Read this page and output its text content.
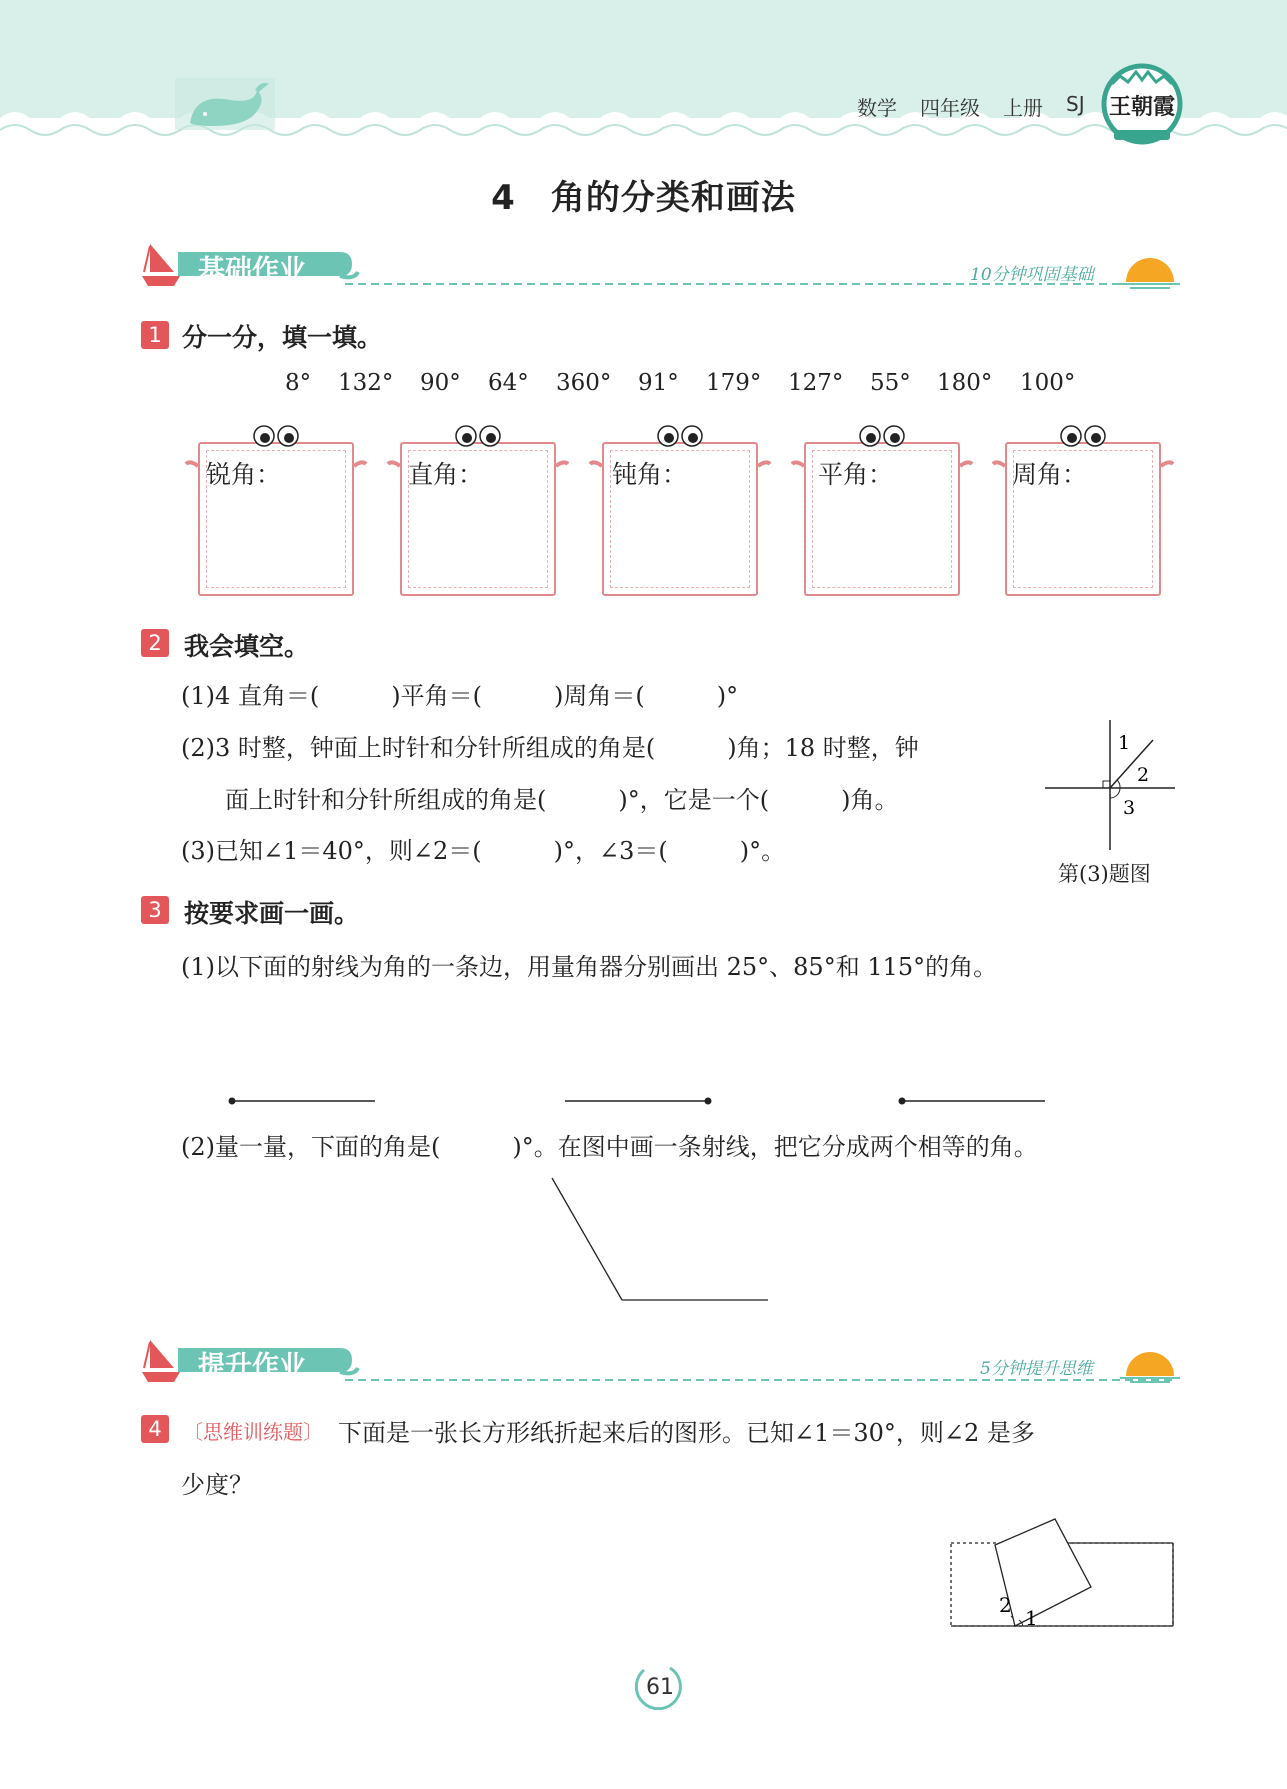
数学 四年级 上册 SJ 王朝霞
4　角的分类和画法
基础作业	10分钟巩固基础
1 分一分，填一填。
8° 132° 90° 64° 360° 91° 179° 127° 55° 180° 100°
锐角：	直角：	钝角：	平角：	周角：
2 我会填空。
(1)4 直角＝(　　　)平角＝(　　　)周角＝(　　　)°
(2)3 时整，钟面上时针和分针所组成的角是(　　　)角；18 时整，钟
面上时针和分针所组成的角是(　　　)°，它是一个(　　　)角。
(3)已知∠1＝40°，则∠2＝(　　　)°，∠3＝(　　　)°。
1
2
3
第(3)题图
3 按要求画一画。
(1)以下面的射线为角的一条边，用量角器分别画出 25°、85°和 115°的角。
(2)量一量，下面的角是(　　　)°。在图中画一条射线，把它分成两个相等的角。
提升作业	5分钟提升思维
4	〔思维训练题〕 下面是一张长方形纸折起来后的图形。已知∠1＝30°，则∠2 是多
少度？
1
2
61
